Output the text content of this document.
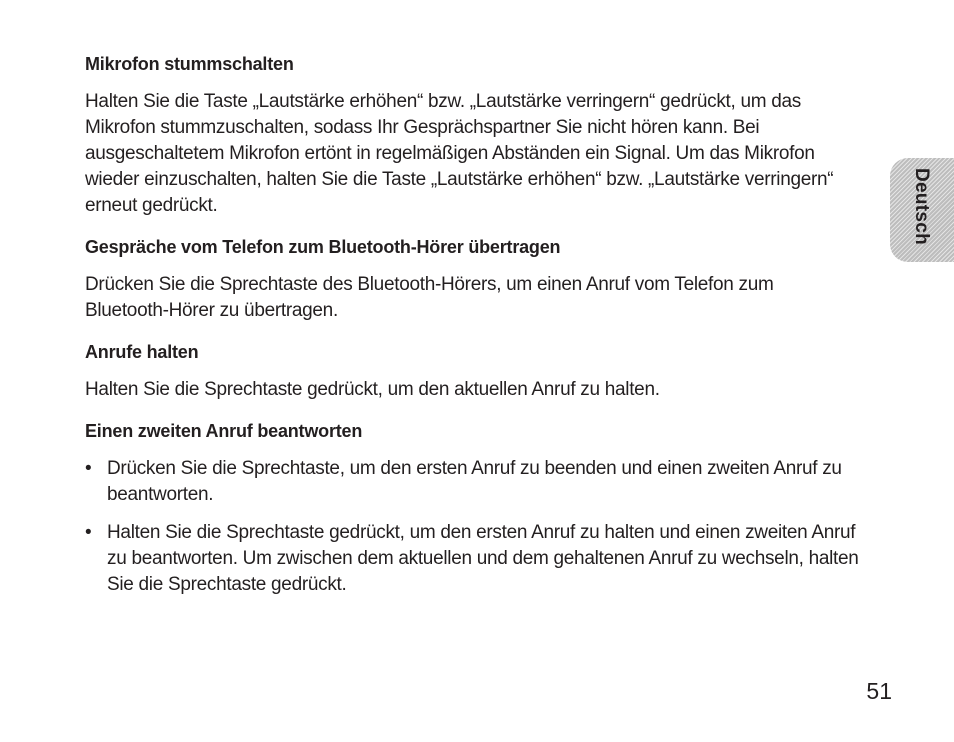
Mikrofon stummschalten
Halten Sie die Taste „Lautstärke erhöhen“ bzw. „Lautstärke verringern“ gedrückt, um das Mikrofon stummzuschalten, sodass Ihr Gesprächspartner Sie nicht hören kann. Bei ausgeschaltetem Mikrofon ertönt in regelmäßigen Abständen ein Signal. Um das Mikrofon wieder einzuschalten, halten Sie die Taste „Lautstärke erhöhen“ bzw. „Lautstärke verringern“ erneut gedrückt.
Gespräche vom Telefon zum Bluetooth-Hörer übertragen
Drücken Sie die Sprechtaste des Bluetooth-Hörers, um einen Anruf vom Telefon zum Bluetooth-Hörer zu übertragen.
Anrufe halten
Halten Sie die Sprechtaste gedrückt, um den aktuellen Anruf zu halten.
Einen zweiten Anruf beantworten
• Drücken Sie die Sprechtaste, um den ersten Anruf zu beenden und einen zweiten Anruf zu beantworten.
• Halten Sie die Sprechtaste gedrückt, um den ersten Anruf zu halten und einen zweiten Anruf zu beantworten. Um zwischen dem aktuellen und dem gehaltenen Anruf zu wechseln, halten Sie die Sprechtaste gedrückt.
Deutsch
51
